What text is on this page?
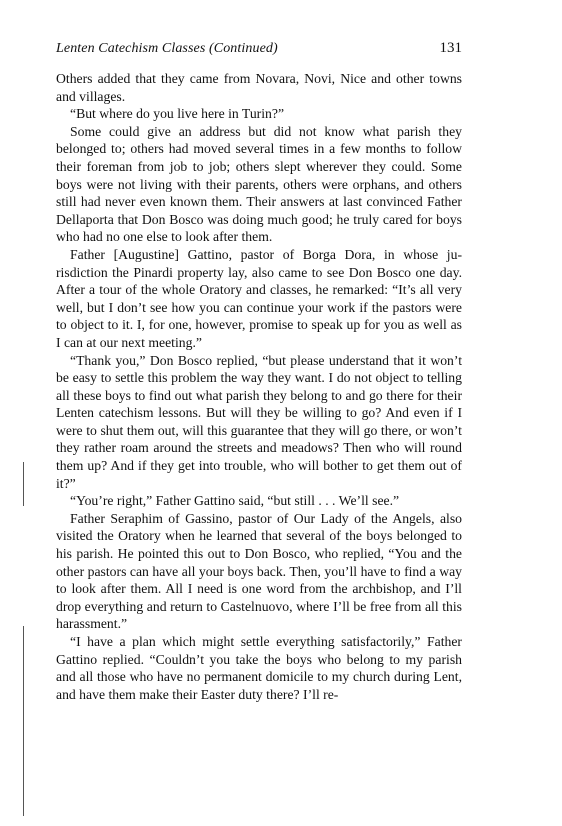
Lenten Catechism Classes (Continued)	131

Others added that they came from Novara, Novi, Nice and other towns and villages.

“But where do you live here in Turin?”

Some could give an address but did not know what parish they belonged to; others had moved several times in a few months to follow their foreman from job to job; others slept wherever they could. Some boys were not living with their parents, others were orphans, and others still had never even known them. Their answers at last convinced Father Dellaporta that Don Bosco was doing much good; he truly cared for boys who had no one else to look after them.

Father [Augustine] Gattino, pastor of Borga Dora, in whose jurisdiction the Pinardi property lay, also came to see Don Bosco one day. After a tour of the whole Oratory and classes, he remarked: “It’s all very well, but I don’t see how you can continue your work if the pastors were to object to it. I, for one, however, promise to speak up for you as well as I can at our next meeting.”

“Thank you,” Don Bosco replied, “but please understand that it won’t be easy to settle this problem the way they want. I do not object to telling all these boys to find out what parish they belong to and go there for their Lenten catechism lessons. But will they be willing to go? And even if I were to shut them out, will this guarantee that they will go there, or won’t they rather roam around the streets and meadows? Then who will round them up? And if they get into trouble, who will bother to get them out of it?”

“You’re right,” Father Gattino said, “but still . . . We’ll see.”

Father Seraphim of Gassino, pastor of Our Lady of the Angels, also visited the Oratory when he learned that several of the boys belonged to his parish. He pointed this out to Don Bosco, who replied, “You and the other pastors can have all your boys back. Then, you’ll have to find a way to look after them. All I need is one word from the archbishop, and I’ll drop everything and return to Castelnuovo, where I’ll be free from all this harassment.”

“I have a plan which might settle everything satisfactorily,” Father Gattino replied. “Couldn’t you take the boys who belong to my parish and all those who have no permanent domicile to my church during Lent, and have them make their Easter duty there? I’ll re-
